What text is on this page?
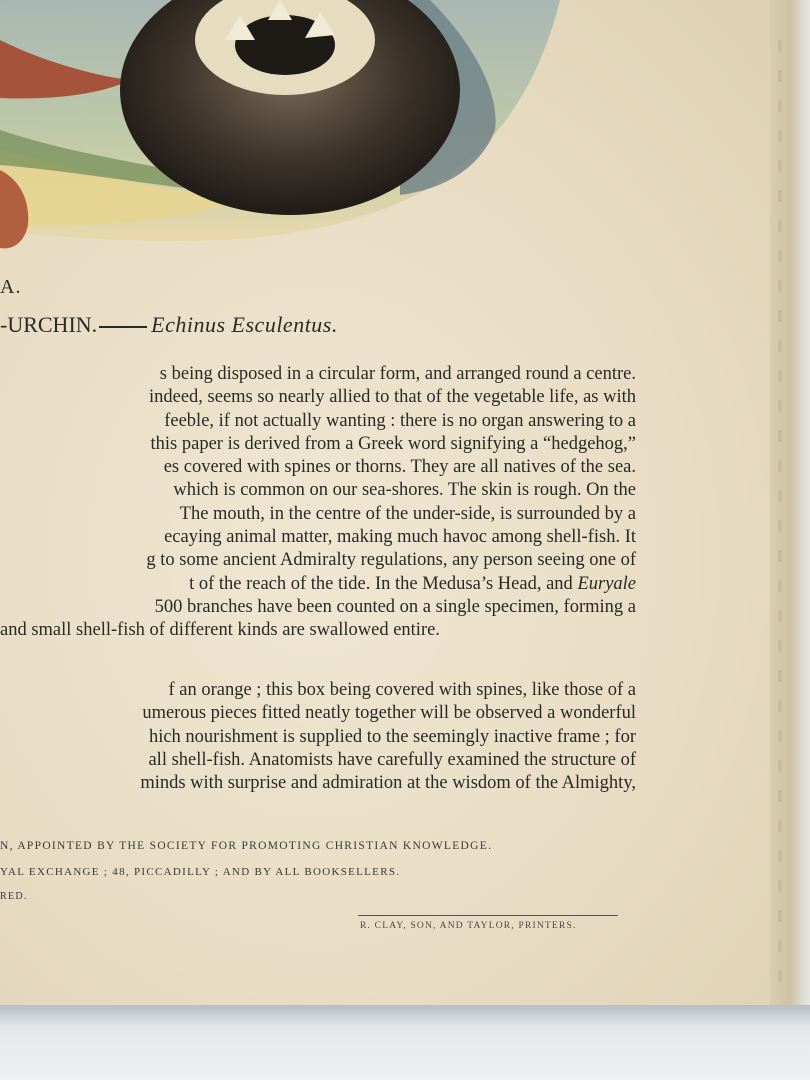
A.
-URCHIN. Echinus Esculentus.
s being disposed in a circular form, and arranged round a centre.
indeed, seems so nearly allied to that of the vegetable life, as with
feeble, if not actually wanting : there is no organ answering to a
this paper is derived from a Greek word signifying a “hedgehog,”
es covered with spines or thorns. They are all natives of the sea.
which is common on our sea-shores. The skin is rough. On the
The mouth, in the centre of the under-side, is surrounded by a
ecaying animal matter, making much havoc among shell-fish. It
g to some ancient Admiralty regulations, any person seeing one of
t of the reach of the tide. In the Medusa’s Head, and Euryale
500 branches have been counted on a single specimen, forming a
and small shell-fish of different kinds are swallowed entire.
f an orange ; this box being covered with spines, like those of a
umerous pieces fitted neatly together will be observed a wonderful
hich nourishment is supplied to the seemingly inactive frame ; for
all shell-fish. Anatomists have carefully examined the structure of
minds with surprise and admiration at the wisdom of the Almighty,
N, APPOINTED BY THE SOCIETY FOR PROMOTING CHRISTIAN KNOWLEDGE.
YAL EXCHANGE ; 48, PICCADILLY ; AND BY ALL BOOKSELLERS.
RED.
R. CLAY, SON, AND TAYLOR, PRINTERS.
